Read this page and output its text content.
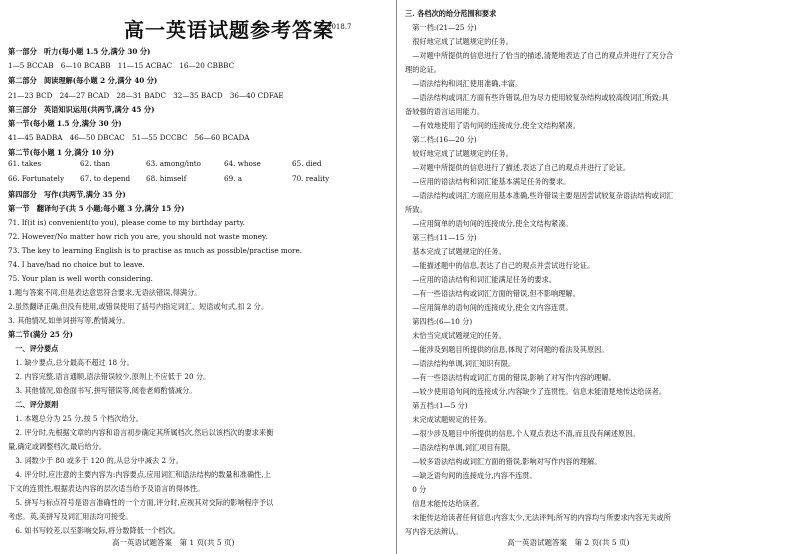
高一英语试题参考答案
2018.7
第一部分　听力(每小题 1.5 分,满分 30 分)
1—5 BCCAB　6—10 BCABB　11—15 ACBAC　16—20 CBBBC
第二部分　阅读理解(每小题 2 分,满分 40 分)
21—23 BCD　24—27 BCAD　28—31 BADC　32—35 BACD　36—40 CDFAE
第三部分　英语知识运用(共两节,满分 45 分)
第一节(每小题 1.5 分,满分 30 分)
41—45 BADBA　46—50 DBCAC　51—55 DCCBC　56—60 BCADA
第二节(每小题 1 分,满分 10 分)
第四部分　写作(共两节,满分 35 分)
第一节　翻译句子(共 5 小题;每小题 3 分,满分 15 分)
71. If(it is) convenient(to you), please come to my birthday party.
72. However/No matter how rich you are, you should not waste money.
73. The key to learning English is to practise as much as possible/practise more.
74. I have/had no choice but to leave.
75. Your plan is well worth considering.
1.题与答案不同,但是表达意思符合要求,无语法错误,得满分。
2.虽然翻译正确,但没有使用,或错误使用了括号内指定词汇、短语或句式,扣 2 分。
3. 其他情况,如单词拼写等,酌情减分。
第二节(满分 25 分)
　一、评分要点
　1. 缺少要点,总分最高不超过 18 分。
　2. 内容完整,语言通顺,语法错误较少,原则上不应低于 20 分。
　3. 其他情况,如卷面书写,拼写错误等,阅卷老师酌情减分。
　二、评分原则
　1. 本题总分为 25 分,按 5 个档次给分。
　2. 评分时,先根据文章的内容和语言初步确定其所属档次,然后以该档次的要求来衡
量,确定或调整档次,最后给分。
　3. 词数少于 80 或多于 120 的,从总分中减去 2 分。
　4. 评分时,应注意的主要内容为:内容要点,应用词汇和语法结构的数量和准确性,上
下文的连贯性,根据表达内容的层次适当给予及语言的得体性。
　5. 拼写与标点符号是语言准确性的一个方面,评分时,应视其对交际的影响程序予以
考虑。英,美拼写及词汇用法均可接受。
　6. 如书写较差,以至影响交际,将分数降低一个档次。
61. takes	62. than	63. among/into	64. whose	65. died
66. Fortunately 67. to depend 68. himself	69. a	70. reality
高一英语试题答案　第 1 页(共 5 页)
三. 各档次的给分范围和要求
　第一档:(21—25 分)
　很好地完成了试题规定的任务。
　—对题中所提供的信息进行了恰当的描述,清楚地表达了自己的观点并进行了充分合
理的论证。
　—语法结构和词汇使用准确,丰富。
　—语法结构或词汇方面有些许错误,但为尽力使用较复杂结构或较高级词汇所致;具
备较强的语言运用能力。
　—有效地使用了语句间的连接成分,使全文结构紧凑。
　第二档:(16—20 分)
　较好地完成了试题规定的任务。
　—对题中所提供的信息进行了描述,表达了自己的观点并进行了论证。
　—应用的语法结构和词汇能基本满足任务的要求。
　—语法结构或词汇方面应用基本准确,些许错误主要是因尝试较复杂语法结构或词汇
所致。
　—应用简单的语句间的连接成分,使全文结构紧凑。
　第三档:(11—15 分)
　基本完成了试题规定的任务。
　—能描述题中的信息,表达了自己的观点并尝试进行论证。
　—应用的语法结构和词汇能满足任务的要求。
　—有一些语法结构或词汇方面的错误,但不影响理解。
　—应用简单的语句间的连接成分,使全文内容连贯。
　第四档:(6—10 分)
　未恰当完成试题规定的任务。
　—能涉及到题目所提供的信息,体现了对问题的看法及其原因。
　—语法结构单调,词汇知识有限。
　—有一些语法结构或词汇方面的错误,影响了对写作内容的理解。
　—较少使用语句间的连接成分,内容缺少了连贯性。信息未能清楚地传达给读者。
　第五档:(1—5 分)
　未完成试题规定的任务。
　—很少涉及题目中所提供的信息,个人观点表达不清,而且没有阐述原因。
　—语法结构单调,词汇项目有限。
　—较多语法结构或词汇方面的错误,影响对写作内容的理解。
　—缺乏语句间的连接成分,内容不连贯。
　0 分
　信息未能传达给读者。
　未能传达给读者任何信息:内容太少,无法评判;所写的内容均与所要求内容无关或所
写内容无法辨认。
高一英语试题答案　第 2 页(共 5 页)
